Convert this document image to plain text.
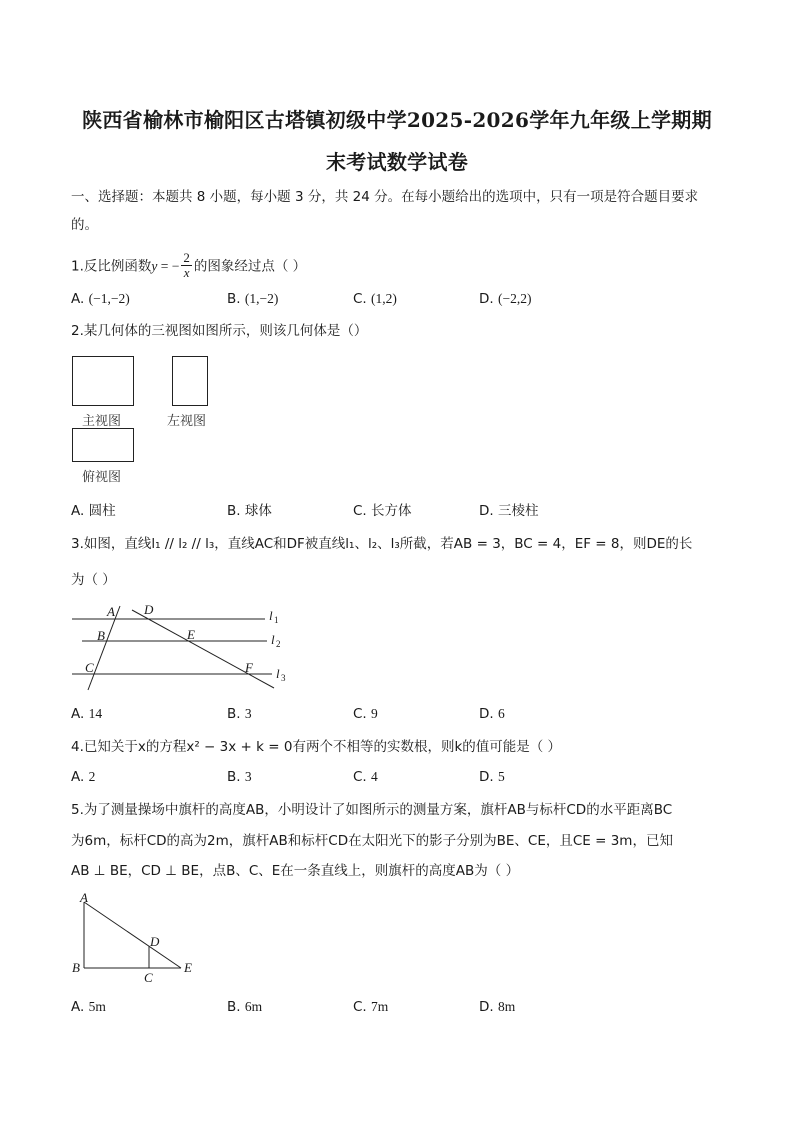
陕西省榆林市榆阳区古塔镇初级中学2025-2026学年九年级上学期期
末考试数学试卷
一、选择题：本题共 8 小题，每小题 3 分，共 24 分。在每小题给出的选项中，只有一项是符合题目要求
的。
1.反比例函数y = − $\frac{2}{x}$ 的图象经过点（ ）
A. (−1,−2)	B. (1,−2)	C. (1,2)	D. (−2,2)
2.某几何体的三视图如图所示，则该几何体是（）
主视图	左视图
俯视图
A. 圆柱	B. 球体	C. 长方体	D. 三棱柱
3.如图，直线l₁ // l₂ // l₃，直线AC和DF被直线l₁、l₂、l₃所截，若AB = 3，BC = 4，EF = 8，则DE的长
为（ ）
A D
B	E
C	F
l 1
l 2
l 3
A. 14	B. 3	C. 9	D. 6
4.已知关于x的方程x² − 3x + k = 0有两个不相等的实数根，则k的值可能是（ ）
A. 2	B. 3	C. 4	D. 5
5.为了测量操场中旗杆的高度AB，小明设计了如图所示的测量方案，旗杆AB与标杆CD的水平距离BC
为6m，标杆CD的高为2m，旗杆AB和标杆CD在太阳光下的影子分别为BE、CE，且CE = 3m，已知
AB ⊥ BE，CD ⊥ BE，点B、C、E在一条直线上，则旗杆的高度AB为（ ）
A
B
C
D
E
A. 5m	B. 6m	C. 7m	D. 8m
